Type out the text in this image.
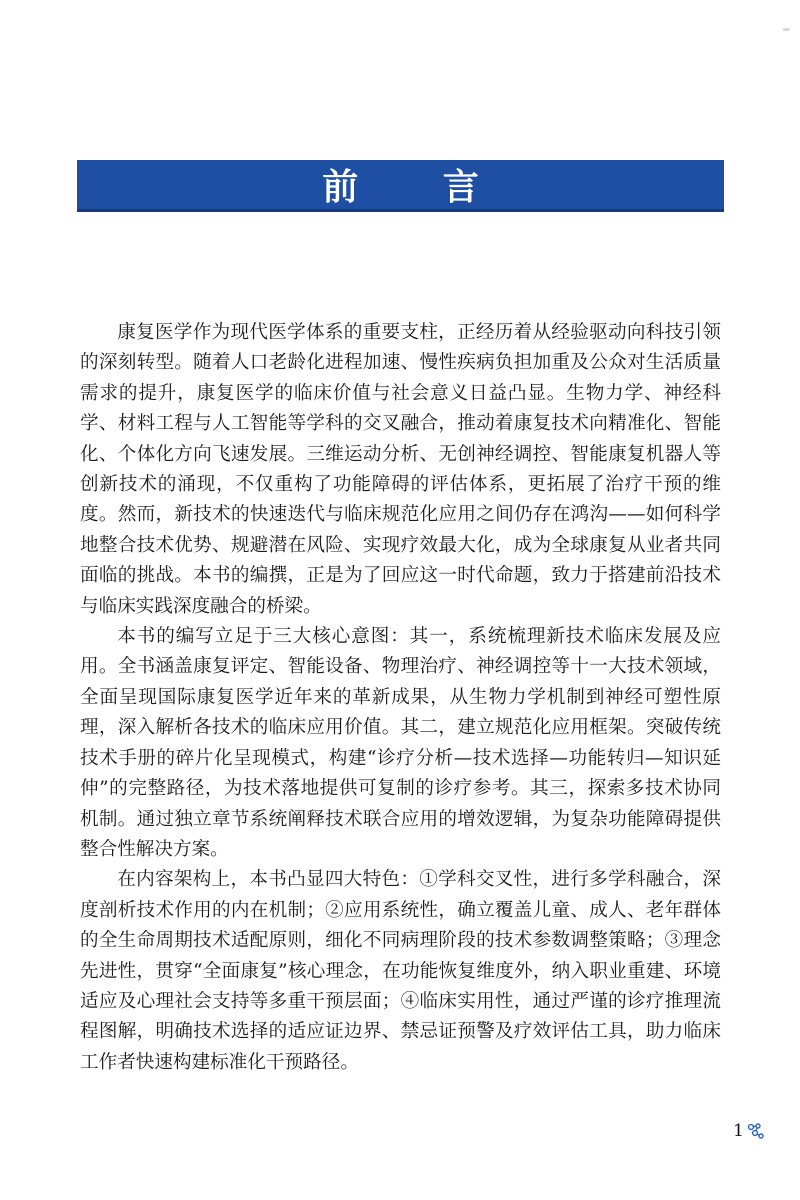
前 言

康复医学作为现代医学体系的重要支柱，正经历着从经验驱动向科技引领的深刻转型。随着人口老龄化进程加速、慢性疾病负担加重及公众对生活质量需求的提升，康复医学的临床价值与社会意义日益凸显。生物力学、神经科学、材料工程与人工智能等学科的交叉融合，推动着康复技术向精准化、智能化、个体化方向飞速发展。三维运动分析、无创神经调控、智能康复机器人等创新技术的涌现，不仅重构了功能障碍的评估体系，更拓展了治疗干预的维度。然而，新技术的快速迭代与临床规范化应用之间仍存在鸿沟——如何科学地整合技术优势、规避潜在风险、实现疗效最大化，成为全球康复从业者共同面临的挑战。本书的编撰，正是为了回应这一时代命题，致力于搭建前沿技术与临床实践深度融合的桥梁。

本书的编写立足于三大核心意图：其一，系统梳理新技术临床发展及应用。全书涵盖康复评定、智能设备、物理治疗、神经调控等十一大技术领域，全面呈现国际康复医学近年来的革新成果，从生物力学机制到神经可塑性原理，深入解析各技术的临床应用价值。其二，建立规范化应用框架。突破传统技术手册的碎片化呈现模式，构建“诊疗分析—技术选择—功能转归—知识延伸”的完整路径，为技术落地提供可复制的诊疗参考。其三，探索多技术协同机制。通过独立章节系统阐释技术联合应用的增效逻辑，为复杂功能障碍提供整合性解决方案。

在内容架构上，本书凸显四大特色：①学科交叉性，进行多学科融合，深度剖析技术作用的内在机制；②应用系统性，确立覆盖儿童、成人、老年群体的全生命周期技术适配原则，细化不同病理阶段的技术参数调整策略；③理念先进性，贯穿“全面康复”核心理念，在功能恢复维度外，纳入职业重建、环境适应及心理社会支持等多重干预层面；④临床实用性，通过严谨的诊疗推理流程图解，明确技术选择的适应证边界、禁忌证预警及疗效评估工具，助力临床工作者快速构建标准化干预路径。

1
